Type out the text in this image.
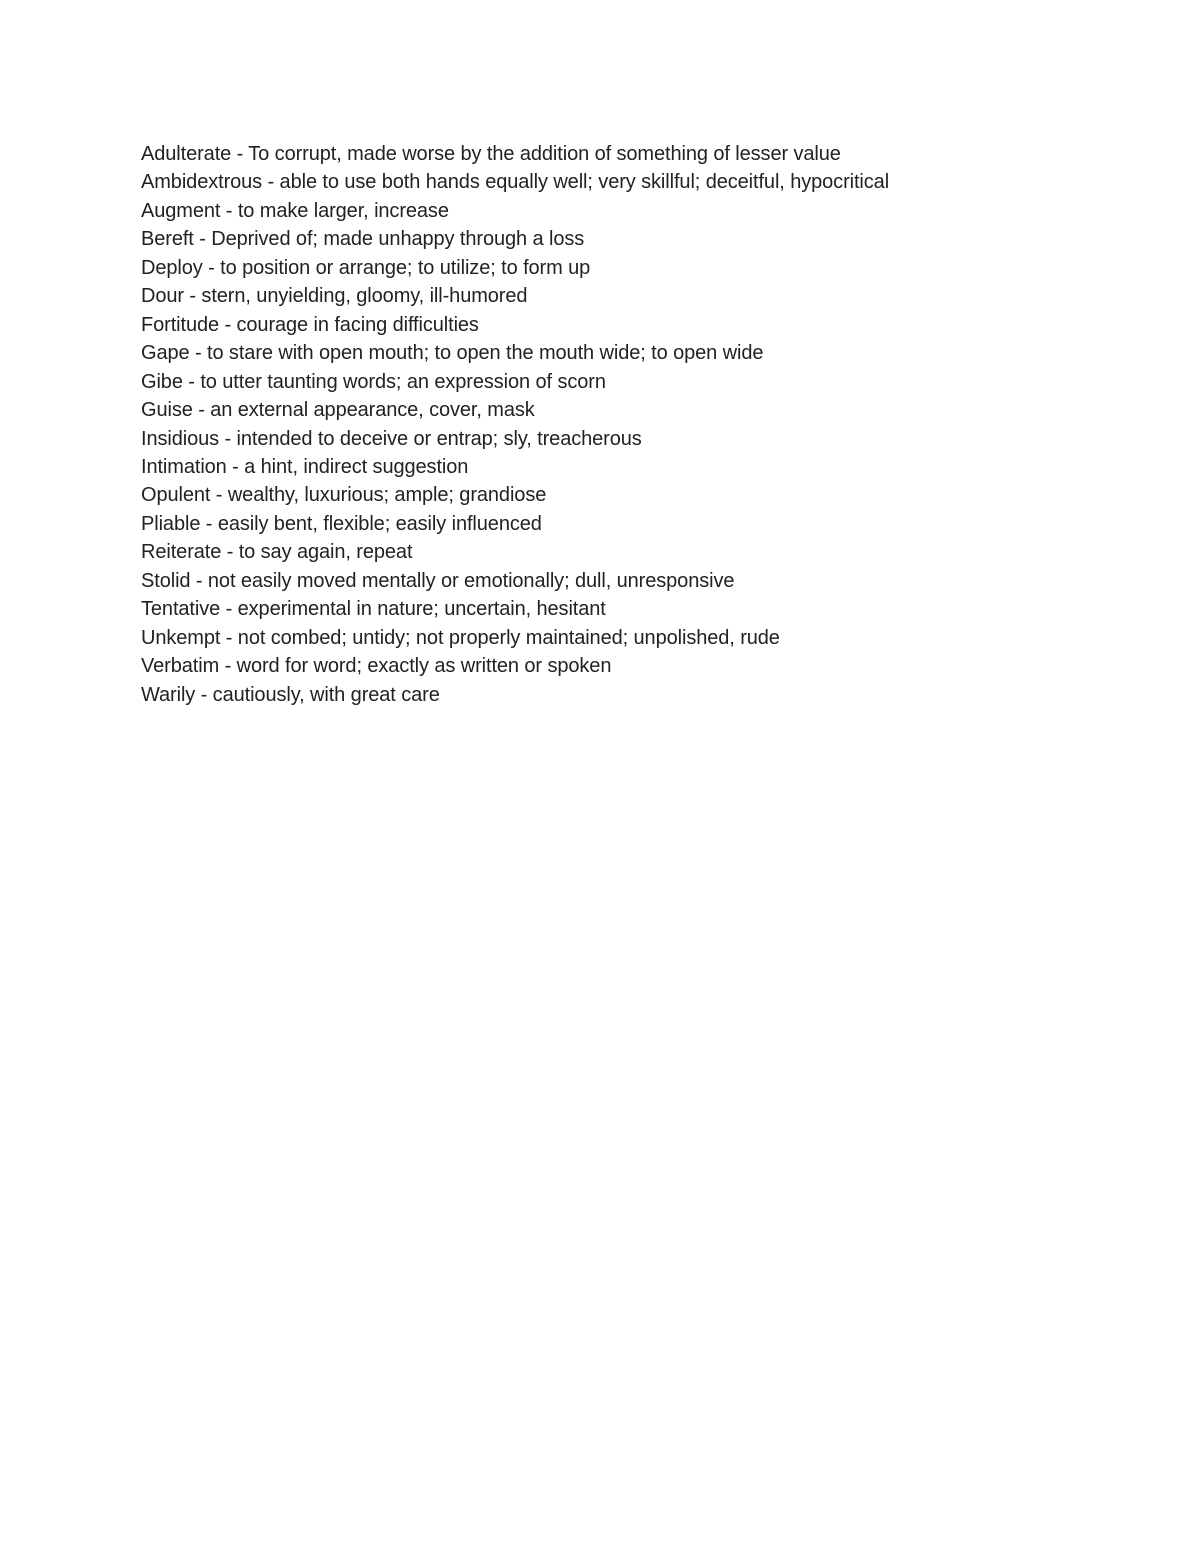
Adulterate - To corrupt, made worse by the addition of something of lesser value
Ambidextrous - able to use both hands equally well; very skillful; deceitful, hypocritical
Augment - to make larger, increase
Bereft - Deprived of; made unhappy through a loss
Deploy - to position or arrange; to utilize; to form up
Dour - stern, unyielding, gloomy, ill-humored
Fortitude - courage in facing difficulties
Gape - to stare with open mouth; to open the mouth wide; to open wide
Gibe - to utter taunting words; an expression of scorn
Guise - an external appearance, cover, mask
Insidious - intended to deceive or entrap; sly, treacherous
Intimation - a hint, indirect suggestion
Opulent - wealthy, luxurious; ample; grandiose
Pliable - easily bent, flexible; easily influenced
Reiterate - to say again, repeat
Stolid - not easily moved mentally or emotionally; dull, unresponsive
Tentative - experimental in nature; uncertain, hesitant
Unkempt - not combed; untidy; not properly maintained; unpolished, rude
Verbatim - word for word; exactly as written or spoken
Warily - cautiously, with great care
